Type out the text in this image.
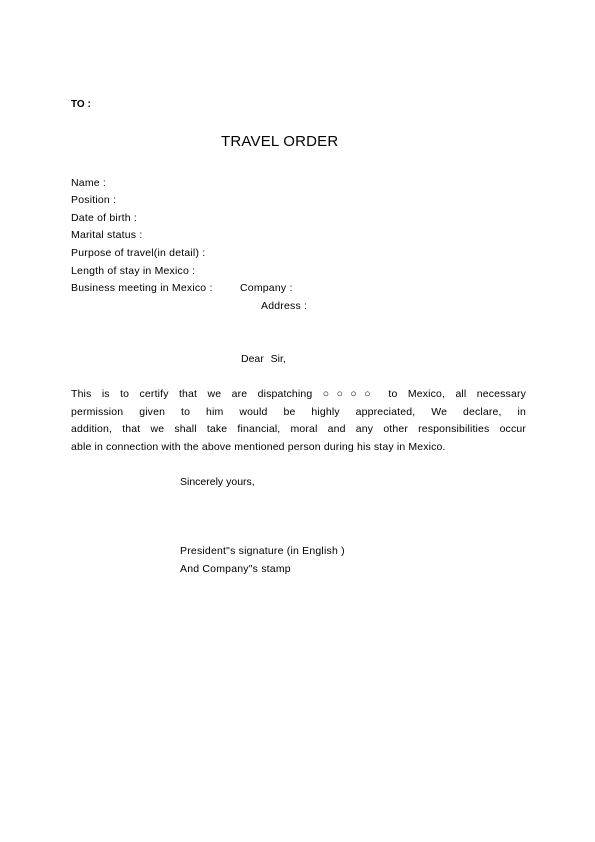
TO :
TRAVEL ORDER
Name :
Position :
Date of birth :
Marital status :
Purpose of travel(in detail) :
Length of stay in Mexico :
Business meeting in Mexico :	Company :
Address :
Dear Sir,
This is to certify that we are dispatching ○○○○ to Mexico, all necessary
permission given to him would be highly appreciated, We declare, in
addition, that we shall take financial, moral and any other responsibilities occur
able in connection with the above mentioned person during his stay in Mexico.
Sincerely yours,
President"s signature (in English )
And Company"s stamp
